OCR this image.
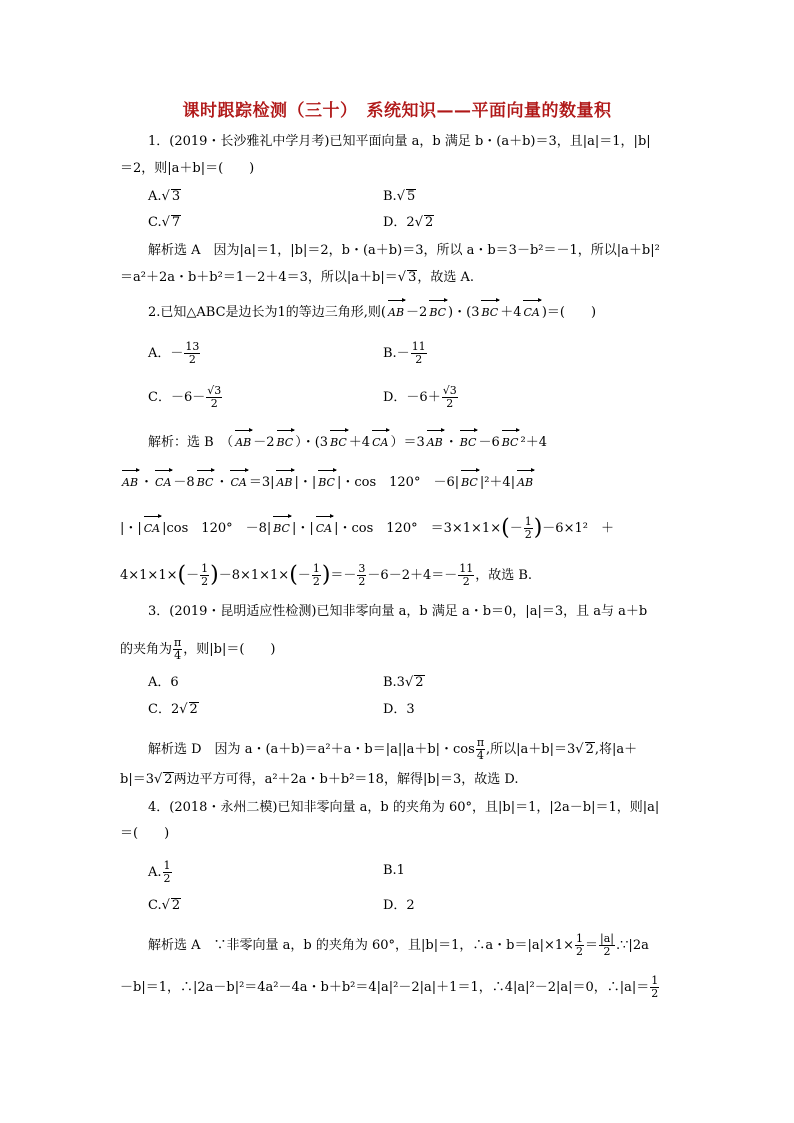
课时跟踪检测（三十）　系统知识——平面向量的数量积
1．(2019・长沙雅礼中学月考)已知平面向量 a，b 满足 b・(a＋b)＝3，且|a|＝1，|b|
＝2，则|a＋b|＝(　　)
A.√ 3	B.√ 5
C.√ 7	D．2√ 2
解析选 A　因为|a|＝1，|b|＝2，b・(a＋b)＝3，所以 a・b＝3－b²＝－1，所以|a＋b|²
＝a²＋2a・b＋b²＝1－2＋4＝3，所以|a＋b|＝√ 3，故选 A.
2.已知△ABC是边长为1的等边三角形,则( AB －2 BC )・(3 BC ＋4 CA )＝(　　)
A．－ $\frac{13}{2}$	$B.- \frac{11}{2}$
C．$-6- \frac{√3}{2}$	D．$-6+ \frac{√3}{2}$
解析：选 B　（ AB －2 BC ）・(3 BC ＋4 CA ）＝3 AB ・ BC －6 BC ²＋4
AB ・ CA －8 BC ・ CA ＝3| AB |・| BC |・cos　120°　－6| BC |²＋4| AB
|・| CA |cos　120°　－8| BC |・| CA |・cos　120°　$=3\times 1\times 1\times(- \frac{1}{2} )-6\times 1^2$　＋
$4\times 1\times 1\times(- \frac{1}{2} )-8\times 1\times 1\times(- \frac{1}{2}$ )＝－ $\frac{3}{2} -6-2+4=- \frac{11}{2}$ ，故选 B.
3．(2019・昆明适应性检测)已知非零向量 a，b 满足 a・b＝0，|a|＝3，且 a与 a＋b
的夹角为 $\frac{\pi}{4}$ ，则|b|＝(　　)
A．6	B.3√ 2
C．2√ 2	D．3
解析选 D　因为 a・(a＋b)＝a²＋a・b＝|a||a＋b|・$\cos \frac{\pi}{4}$ ,所以|a＋b|＝3√ 2,将|a＋
b|＝3√ 2两边平方可得，a²＋2a・b＋b²＝18，解得|b|＝3，故选 D.
4．(2018・永州二模)已知非零向量 a，b 的夹角为 60°，且|b|＝1，|2a－b|＝1，则|a|
＝(　　)
A. $\frac{1}{2}$	B.1
C.√ 2	D．2
解析选 A　∵非零向量 a，b 的夹角为 60°，且|b|＝1，∴a・$b=|a|\times 1\times \frac{1}{2} = \frac{|a|}{2}$ .∵|2a
－b|＝1，∴|2a－b|²＝4a²－4a・b＋b²＝4|a|²－2|a|＋1＝1，∴4|a|²－2|a|＝0，∴|a|＝ $\frac{1}{2}$
